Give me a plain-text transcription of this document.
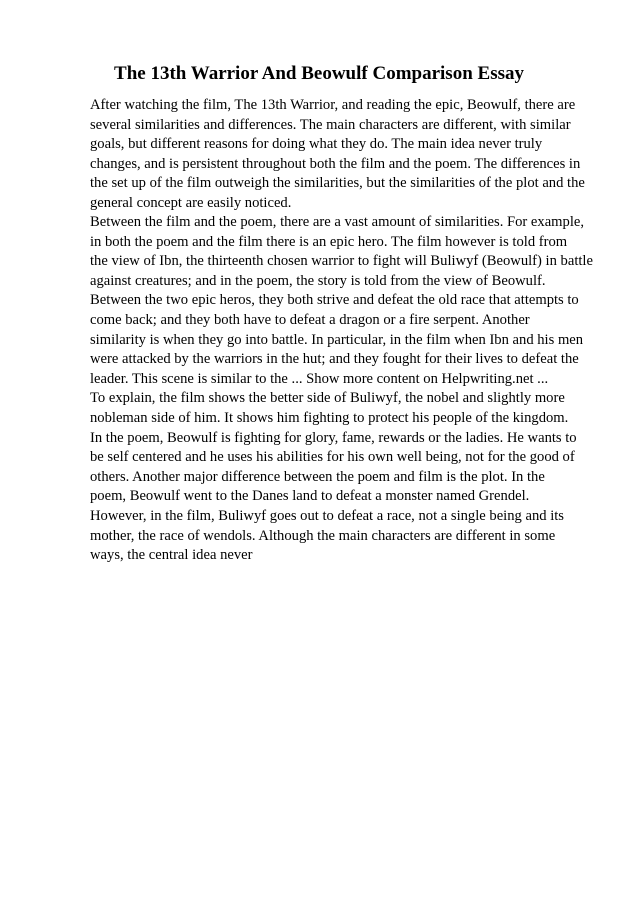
The 13th Warrior And Beowulf Comparison Essay
After watching the film, The 13th Warrior, and reading the epic, Beowulf, there are
several similarities and differences. The main characters are different, with similar
goals, but different reasons for doing what they do. The main idea never truly
changes, and is persistent throughout both the film and the poem. The differences in
the set up of the film outweigh the similarities, but the similarities of the plot and the
general concept are easily noticed.
Between the film and the poem, there are a vast amount of similarities. For example,
in both the poem and the film there is an epic hero. The film however is told from
the view of Ibn, the thirteenth chosen warrior to fight will Buliwyf (Beowulf) in battle
against creatures; and in the poem, the story is told from the view of Beowulf.
Between the two epic heros, they both strive and defeat the old race that attempts to
come back; and they both have to defeat a dragon or a fire serpent. Another
similarity is when they go into battle. In particular, in the film when Ibn and his men
were attacked by the warriors in the hut; and they fought for their lives to defeat the
leader. This scene is similar to the ... Show more content on Helpwriting.net ...
To explain, the film shows the better side of Buliwyf, the nobel and slightly more
nobleman side of him. It shows him fighting to protect his people of the kingdom.
In the poem, Beowulf is fighting for glory, fame, rewards or the ladies. He wants to
be self centered and he uses his abilities for his own well being, not for the good of
others. Another major difference between the poem and film is the plot. In the
poem, Beowulf went to the Danes land to defeat a monster named Grendel.
However, in the film, Buliwyf goes out to defeat a race, not a single being and its
mother, the race of wendols. Although the main characters are different in some
ways, the central idea never
